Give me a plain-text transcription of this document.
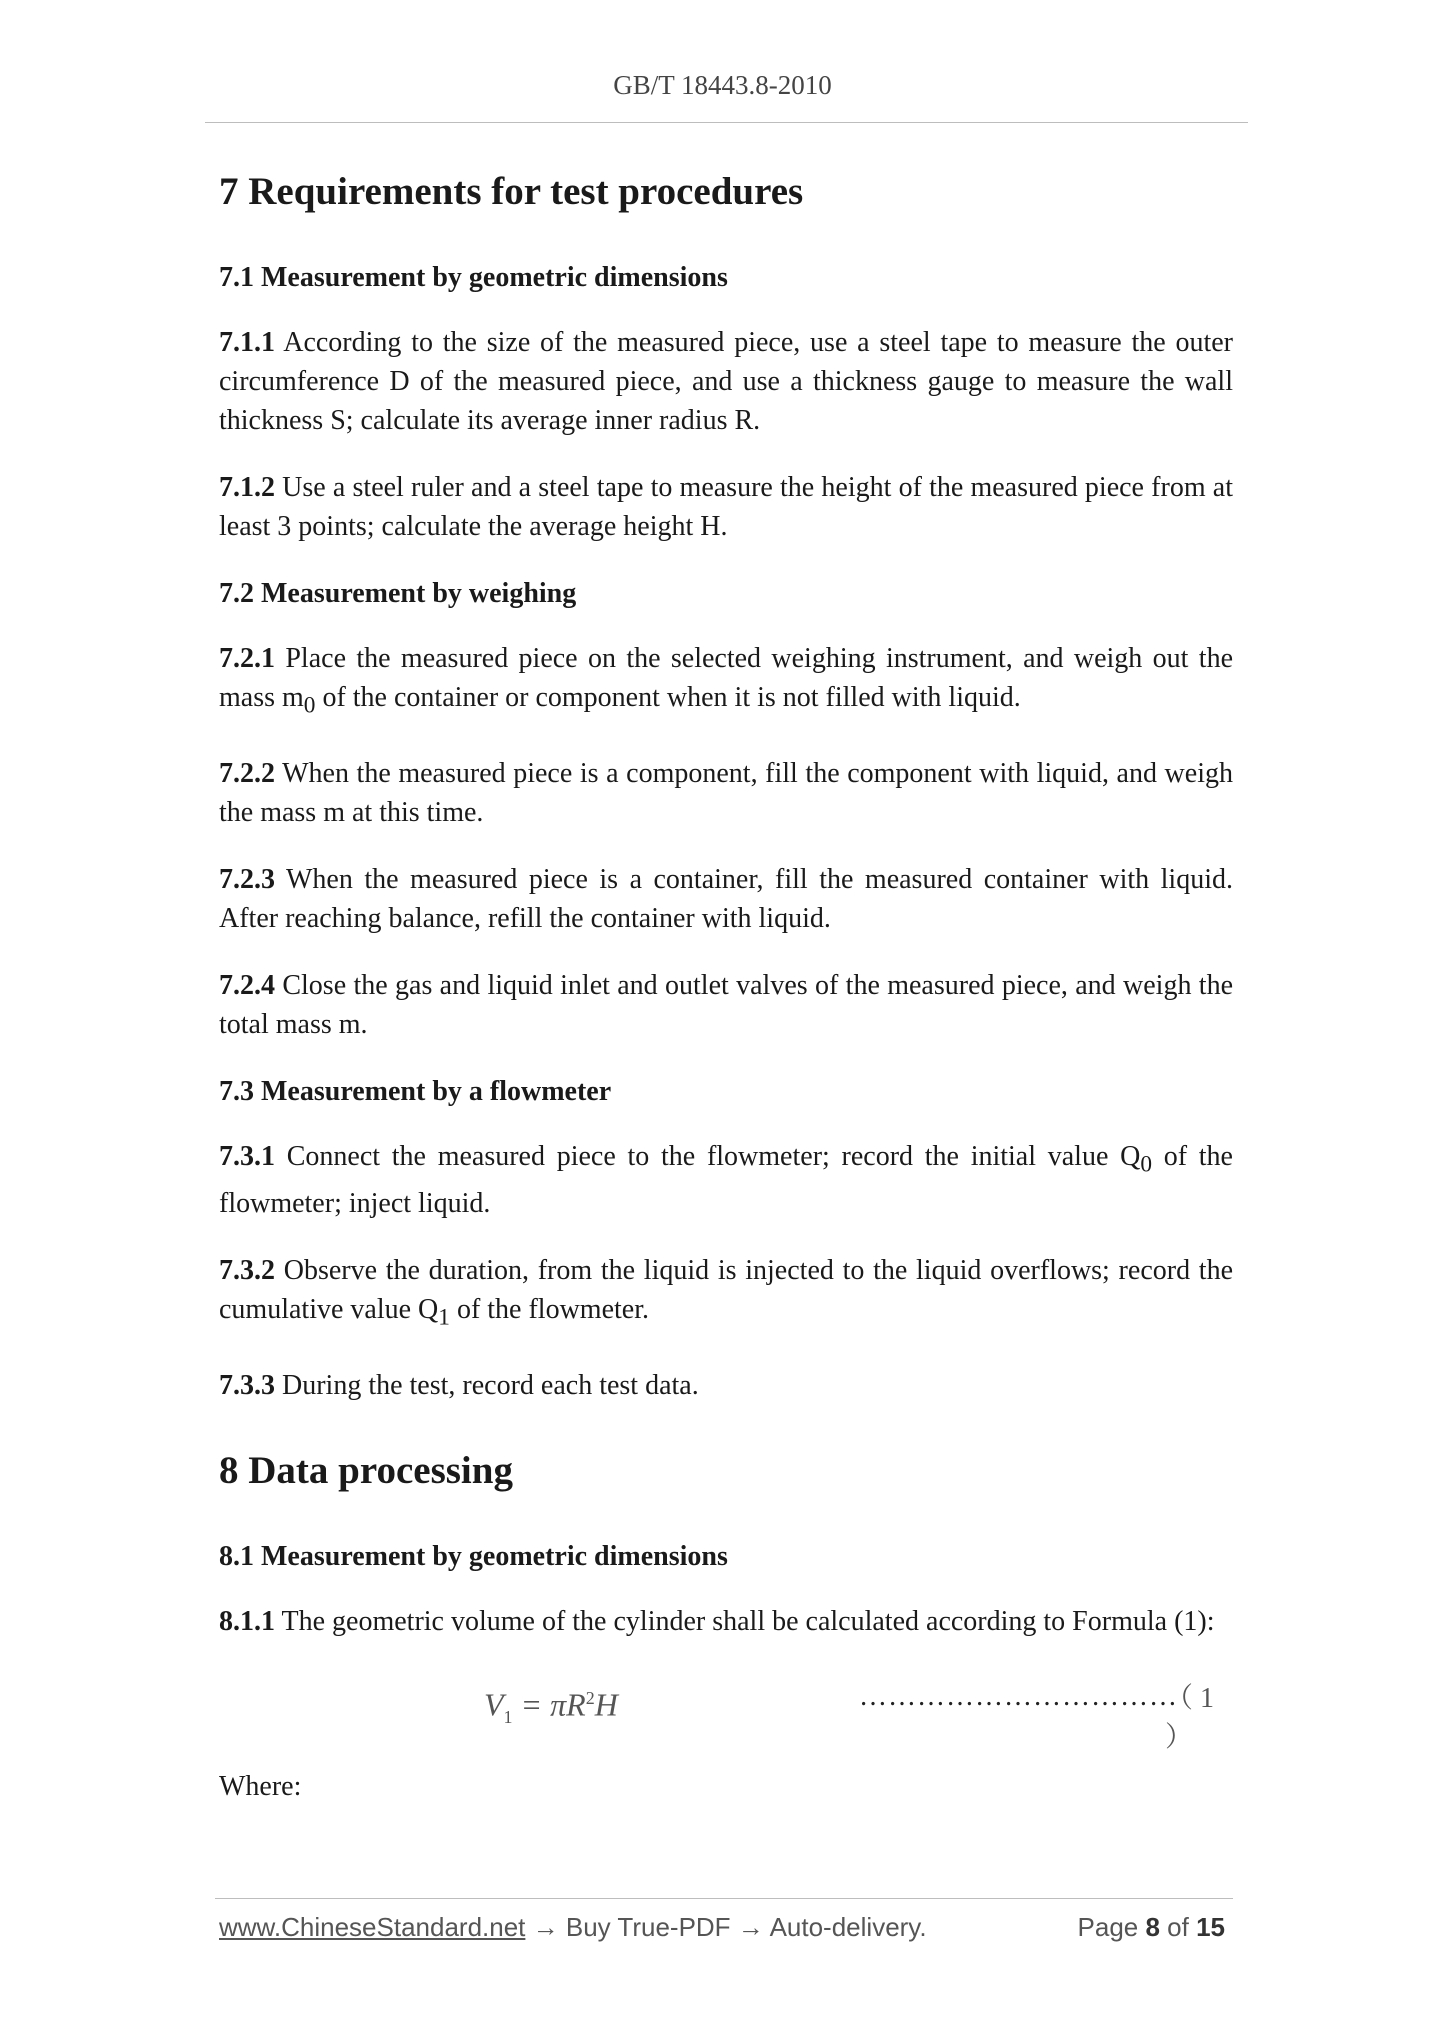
GB/T 18443.8-2010
7 Requirements for test procedures
7.1 Measurement by geometric dimensions

7.1.1 According to the size of the measured piece, use a steel tape to measure the outer circumference D of the measured piece, and use a thickness gauge to measure the wall thickness S; calculate its average inner radius R.

7.1.2 Use a steel ruler and a steel tape to measure the height of the measured piece from at least 3 points; calculate the average height H.

7.2 Measurement by weighing

7.2.1 Place the measured piece on the selected weighing instrument, and weigh out the mass $m_0$ of the container or component when it is not filled with liquid.

7.2.2 When the measured piece is a component, fill the component with liquid, and weigh the mass m at this time.

7.2.3 When the measured piece is a container, fill the measured container with liquid. After reaching balance, refill the container with liquid.

7.2.4 Close the gas and liquid inlet and outlet valves of the measured piece, and weigh the total mass m.

7.3 Measurement by a flowmeter

7.3.1 Connect the measured piece to the flowmeter; record the initial value $Q_0$ of the flowmeter; inject liquid.

7.3.2 Observe the duration, from the liquid is injected to the liquid overflows; record the cumulative value $Q_1$ of the flowmeter.

7.3.3 During the test, record each test data.

8 Data processing
8.1 Measurement by geometric dimensions

8.1.1 The geometric volume of the cylinder shall be calculated according to Formula (1):

$V_1 = \pi R^2H$	……………………………
（ 1 ）

Where:

www.ChineseStandard.net → Buy True-PDF → Auto-delivery.	Page 8 of 15
